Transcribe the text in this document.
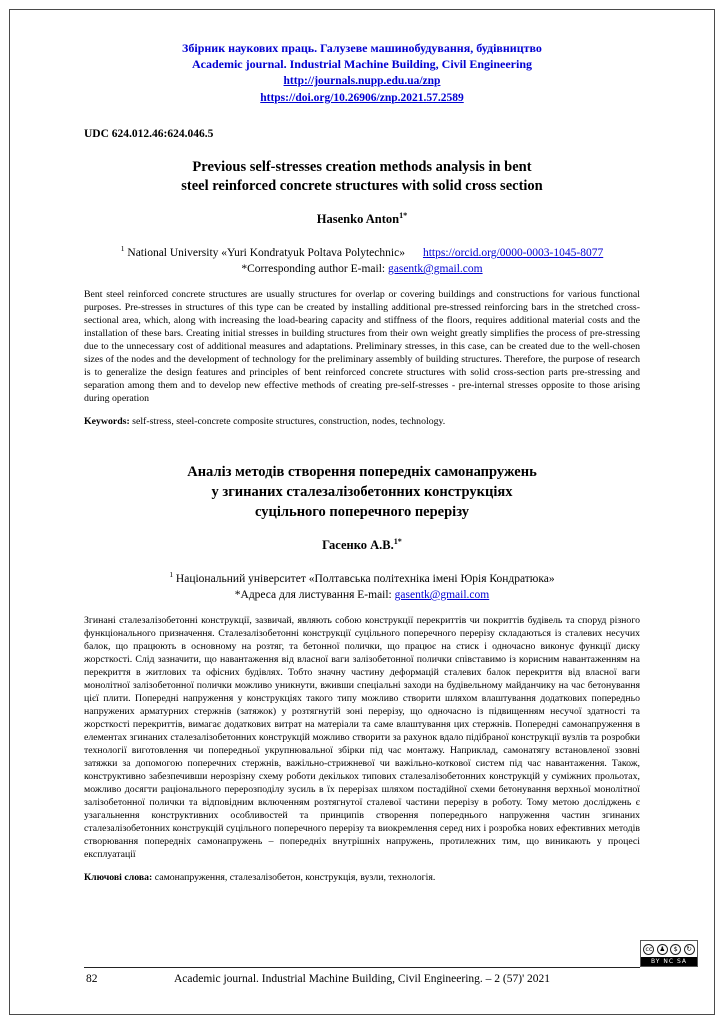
Збірник наукових праць. Галузеве машинобудування, будівництво
Academic journal. Industrial Machine Building, Civil Engineering
http://journals.nupp.edu.ua/znp
https://doi.org/10.26906/znp.2021.57.2589
UDC 624.012.46:624.046.5
Previous self-stresses creation methods analysis in bent
steel reinforced concrete structures with solid cross section
Hasenko Anton$^{1*}$
$^1$ National University «Yuri Kondratyuk Poltava Polytechnic» https://orcid.org/0000-0003-1045-8077
*Corresponding author E-mail: gasentk@gmail.com

Bent steel reinforced concrete structures are usually structures for overlap or covering buildings and constructions for various functional purposes. Pre-stresses in structures of this type can be created by installing additional pre-stressed reinforcing bars in the stretched cross-sectional area, which, along with increasing the load-bearing capacity and stiffness of the floors, requires additional material costs and the installation of these bars. Creating initial stresses in building structures from their own weight greatly simplifies the process of pre-stressing due to the unnecessary cost of additional measures and adaptations. Preliminary stresses, in this case, can be created due to the well-chosen sizes of the nodes and the development of technology for the preliminary assembly of building structures. Therefore, the purpose of research is to generalize the design features and principles of bent reinforced concrete structures with solid cross-section parts pre-stressing and separation among them and to develop new effective methods of creating pre-self-stresses - pre-internal stresses opposite to those arising during operation

Keywords: self-stress, steel-concrete composite structures, construction, nodes, technology.

Аналіз методів створення попередніх самонапружень
у згинаних сталезалізобетонних конструкціях
суцільного поперечного перерізу
Гасенко А.В.$^{1*}$
$^1$ Національний університет «Полтавська політехніка імені Юрія Кондратюка»
*Адреса для листування E-mail: gasentk@gmail.com

Згинані сталезалізобетонні конструкції, зазвичай, являють собою конструкції перекриттів чи покриттів будівель та споруд різного функціонального призначення. Сталезалізобетонні конструкції суцільного поперечного перерізу складаються із сталевих несучих балок, що працюють в основному на розтяг, та бетонної полички, що працює на стиск і одночасно виконує функції диску жорсткості. Слід зазначити, що навантаження від власної ваги залізобетонної полички співставимо із корисним навантаженням на перекриття в житлових та офісних будівлях. Тобто значну частину деформацій сталевих балок перекриття від власної ваги монолітної залізобетонної полички можливо уникнути, вживши спеціальні заходи на будівельному майданчику на час бетонування цієї плити. Попередні напруження у конструкціях такого типу можливо створити шляхом влаштування додаткових попередньо напружених арматурних стержнів (затяжок) у розтягнутій зоні перерізу, що одночасно із підвищенням несучої здатності та жорсткості перекриттів, вимагає додаткових витрат на матеріали та саме влаштування цих стержнів. Попередні самонапруження в елементах згинаних сталезалізобетонних конструкцій можливо створити за рахунок вдало підібраної конструкції вузлів та розробки технології виготовлення чи попередньої укрупнювальної збірки під час монтажу. Наприклад, самонатягу встановленої ззовні затяжки за допомогою поперечних стержнів, важільно-стрижневої чи важільно-коткової систем під час навантаження. Також, конструктивно забезпечивши нерозрізну схему роботи декількох типових сталезалізобетонних конструкцій у суміжних прольотах, можливо досягти раціонального перерозподілу зусиль в їх перерізах шляхом постадійної схеми бетонування верхньої монолітної залізобетонної полички та відповідним включенням розтягнутої сталевої частини перерізу в роботу. Тому метою досліджень є узагальнення конструктивних особливостей та принципів створення попереднього напруження частин згинаних сталезалізобетонних конструкцій суцільного поперечного перерізу та виокремлення серед них і розробка нових ефективних методів створювання попередніх самонапружень – попередніх внутрішніх напружень, протилежних тим, що виникають у процесі експлуатації

Ключові слова: самонапруження, сталезалізобетон, конструкція, вузли, технологія.

cc	♟	$	↻
BY NC SA
82	Academic journal. Industrial Machine Building, Civil Engineering. – 2 (57)' 2021
